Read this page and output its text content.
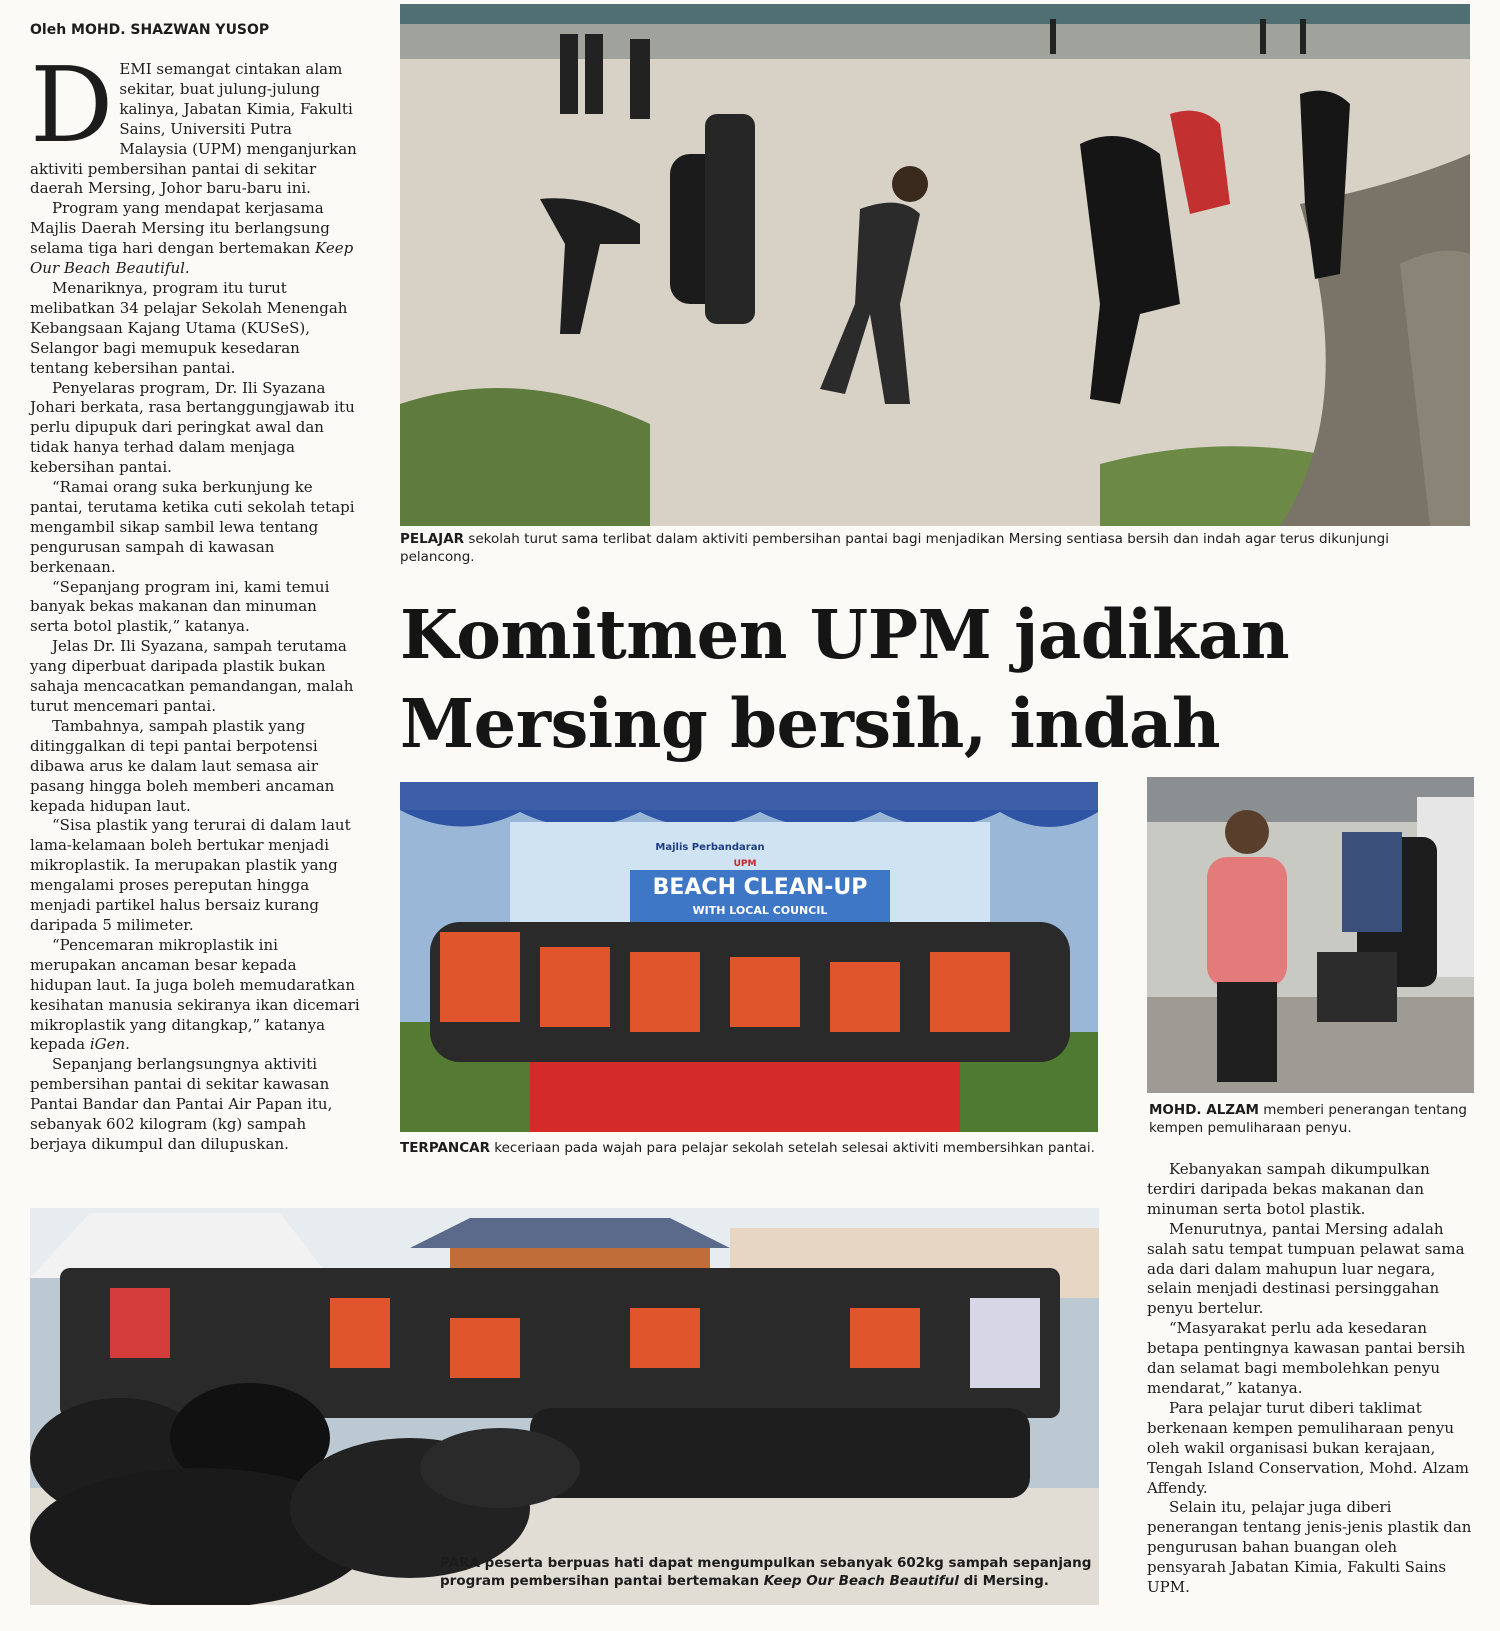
Oleh MOHD. SHAZWAN YUSOP

DEMI semangat cintakan alam sekitar, buat julung-julung kalinya, Jabatan Kimia, Fakulti Sains, Universiti Putra Malaysia (UPM) menganjurkan aktiviti pembersihan pantai di sekitar daerah Mersing, Johor baru-baru ini.

Program yang mendapat kerjasama Majlis Daerah Mersing itu berlangsung selama tiga hari dengan bertemakan Keep Our Beach Beautiful.

Menariknya, program itu turut melibatkan 34 pelajar Sekolah Menengah Kebangsaan Kajang Utama (KUSeS), Selangor bagi memupuk kesedaran tentang kebersihan pantai.

Penyelaras program, Dr. Ili Syazana Johari berkata, rasa bertanggungjawab itu perlu dipupuk dari peringkat awal dan tidak hanya terhad dalam menjaga kebersihan pantai.

“Ramai orang suka berkunjung ke pantai, terutama ketika cuti sekolah tetapi mengambil sikap sambil lewa tentang pengurusan sampah di kawasan berkenaan.

“Sepanjang program ini, kami temui banyak bekas makanan dan minuman serta botol plastik,” katanya.

Jelas Dr. Ili Syazana, sampah terutama yang diperbuat daripada plastik bukan sahaja mencacatkan pemandangan, malah turut mencemari pantai.

Tambahnya, sampah plastik yang ditinggalkan di tepi pantai berpotensi dibawa arus ke dalam laut semasa air pasang hingga boleh memberi ancaman kepada hidupan laut.

“Sisa plastik yang terurai di dalam laut lama-kelamaan boleh bertukar menjadi mikroplastik. Ia merupakan plastik yang mengalami proses pereputan hingga menjadi partikel halus bersaiz kurang daripada 5 milimeter.

“Pencemaran mikroplastik ini merupakan ancaman besar kepada hidupan laut. Ia juga boleh memudaratkan kesihatan manusia sekiranya ikan dicemari mikroplastik yang ditangkap,” katanya kepada iGen.

Sepanjang berlangsungnya aktiviti pembersihan pantai di sekitar kawasan Pantai Bandar dan Pantai Air Papan itu, sebanyak 602 kilogram (kg) sampah berjaya dikumpul dan dilupuskan.

PELAJAR sekolah turut sama terlibat dalam aktiviti pembersihan pantai bagi menjadikan Mersing sentiasa bersih dan indah agar terus dikunjungi pelancong.
Komitmen UPM jadikan
Mersing bersih, indah
BEACH CLEAN-UP
WITH LOCAL COUNCIL
UPM
Majlis Perbandaran
TERPANCAR keceriaan pada wajah para pelajar sekolah setelah selesai aktiviti membersihkan pantai.
MOHD. ALZAM memberi penerangan tentang kempen pemuliharaan penyu.

Kebanyakan sampah dikumpulkan terdiri daripada bekas makanan dan minuman serta botol plastik.

Menurutnya, pantai Mersing adalah salah satu tempat tumpuan pelawat sama ada dari dalam mahupun luar negara, selain menjadi destinasi persinggahan penyu bertelur.

“Masyarakat perlu ada kesedaran betapa pentingnya kawasan pantai bersih dan selamat bagi membolehkan penyu mendarat,” katanya.

Para pelajar turut diberi taklimat berkenaan kempen pemuliharaan penyu oleh wakil organisasi bukan kerajaan, Tengah Island Conservation, Mohd. Alzam Affendy.

Selain itu, pelajar juga diberi penerangan tentang jenis-jenis plastik dan pengurusan bahan buangan oleh pensyarah Jabatan Kimia, Fakulti Sains UPM.

PARA peserta berpuas hati dapat mengumpulkan sebanyak 602kg sampah sepanjang program pembersihan pantai bertemakan Keep Our Beach Beautiful di Mersing.
